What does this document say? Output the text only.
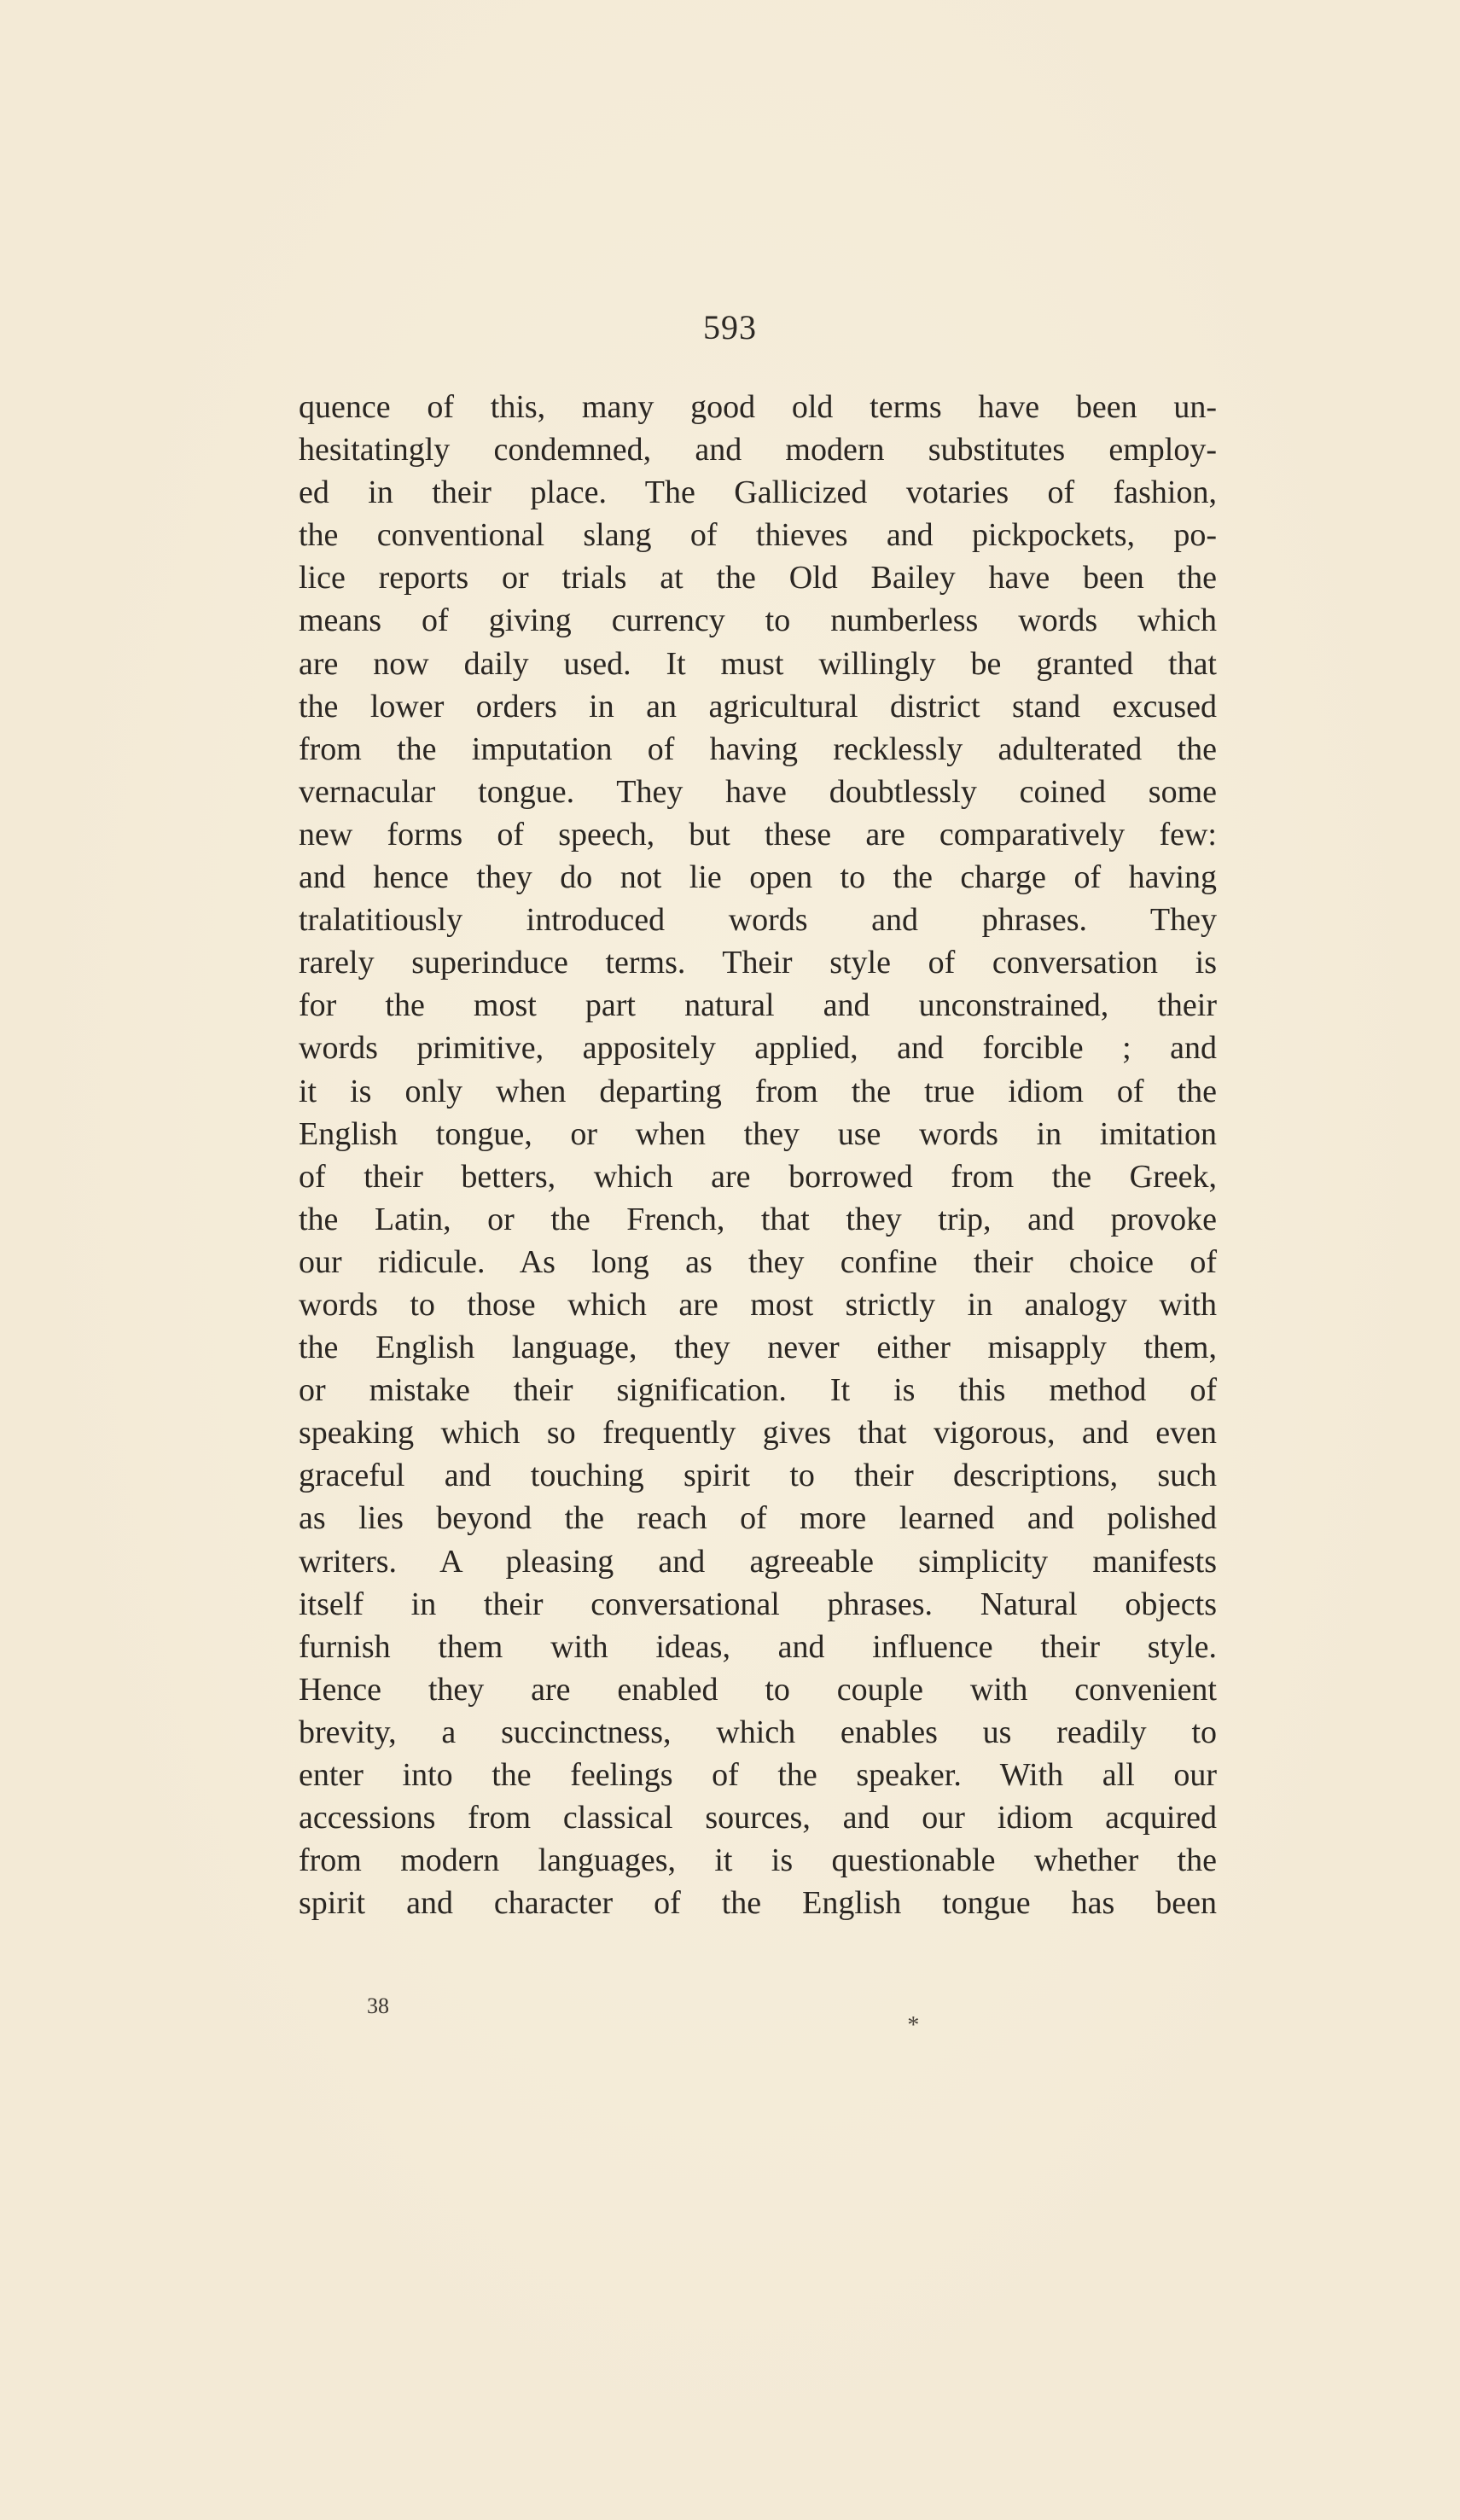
593
quence of this, many good old terms have been un-
hesitatingly condemned, and modern substitutes employ-
ed in their place. The Gallicized votaries of fashion,
the conventional slang of thieves and pickpockets, po-
lice reports or trials at the Old Bailey have been the
means of giving currency to numberless words which
are now daily used. It must willingly be granted that
the lower orders in an agricultural district stand excused
from the imputation of having recklessly adulterated the
vernacular tongue. They have doubtlessly coined some
new forms of speech, but these are comparatively few:
and hence they do not lie open to the charge of having
tralatitiously introduced words and phrases. They
rarely superinduce terms. Their style of conversation is
for the most part natural and unconstrained, their
words primitive, appositely applied, and forcible ; and
it is only when departing from the true idiom of the
English tongue, or when they use words in imitation
of their betters, which are borrowed from the Greek,
the Latin, or the French, that they trip, and provoke
our ridicule. As long as they confine their choice of
words to those which are most strictly in analogy with
the English language, they never either misapply them,
or mistake their signification. It is this method of
speaking which so frequently gives that vigorous, and even
graceful and touching spirit to their descriptions, such
as lies beyond the reach of more learned and polished
writers. A pleasing and agreeable simplicity manifests
itself in their conversational phrases. Natural objects
furnish them with ideas, and influence their style.
Hence they are enabled to couple with convenient
brevity, a succinctness, which enables us readily to
enter into the feelings of the speaker. With all our
accessions from classical sources, and our idiom acquired
from modern languages, it is questionable whether the
spirit and character of the English tongue has been
38
*
